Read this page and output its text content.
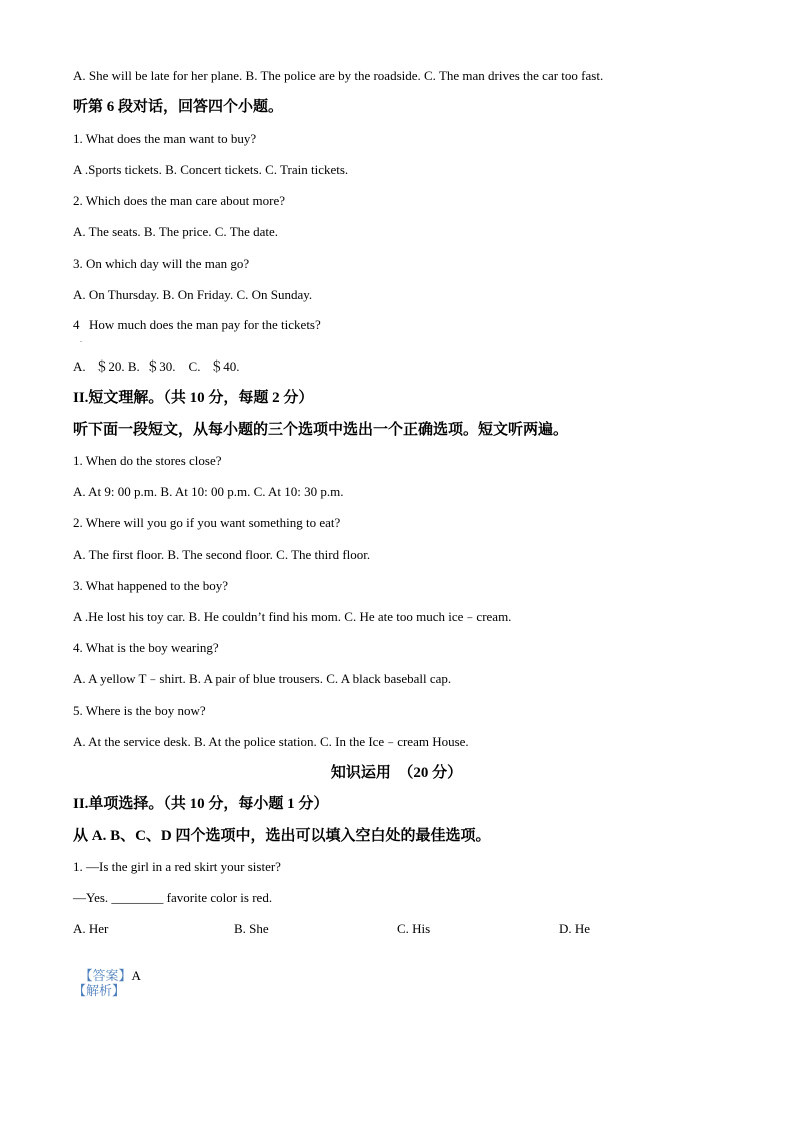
A. She will be late for her plane. B. The police are by the roadside. C. The man drives the car too fast.
听第 6 段对话，回答四个小题。
1. What does the man want to buy?
A .Sports tickets. B. Concert tickets. C. Train tickets.
2. Which does the man care about more?
A. The seats. B. The price. C. The date.
3. On which day will the man go?
A. On Thursday. B. On Friday. C. On Sunday.
4
.
How much does the man pay for the tickets?
A.   ＄20. B.  ＄30.    C.   ＄40.
II.短文理解。（共 10 分，每题 2 分）
听下面一段短文，从每小题的三个选项中选出一个正确选项。短文听两遍。
1. When do the stores close?
A. At 9: 00 p.m. B. At 10: 00 p.m. C. At 10: 30 p.m.
2. Where will you go if you want something to eat?
A. The first floor. B. The second floor. C. The third floor.
3. What happened to the boy?
A .He lost his toy car. B. He couldn’t find his mom. C. He ate too much ice﹣cream.
4. What is the boy wearing?
A. A yellow T﹣shirt. B. A pair of blue trousers. C. A black baseball cap.
5. Where is the boy now?
A. At the service desk. B. At the police station. C. In the Ice﹣cream House.
知识运用  （20 分）
II.单项选择。（共 10 分，每小题 1 分）
从 A. B、C、D 四个选项中，选出可以填入空白处的最佳选项。
1. —Is the girl in a red skirt your sister?
—Yes. ________ favorite color is red.
A. Her	B. She	C. His	D. He

【答案】A

【解析】
